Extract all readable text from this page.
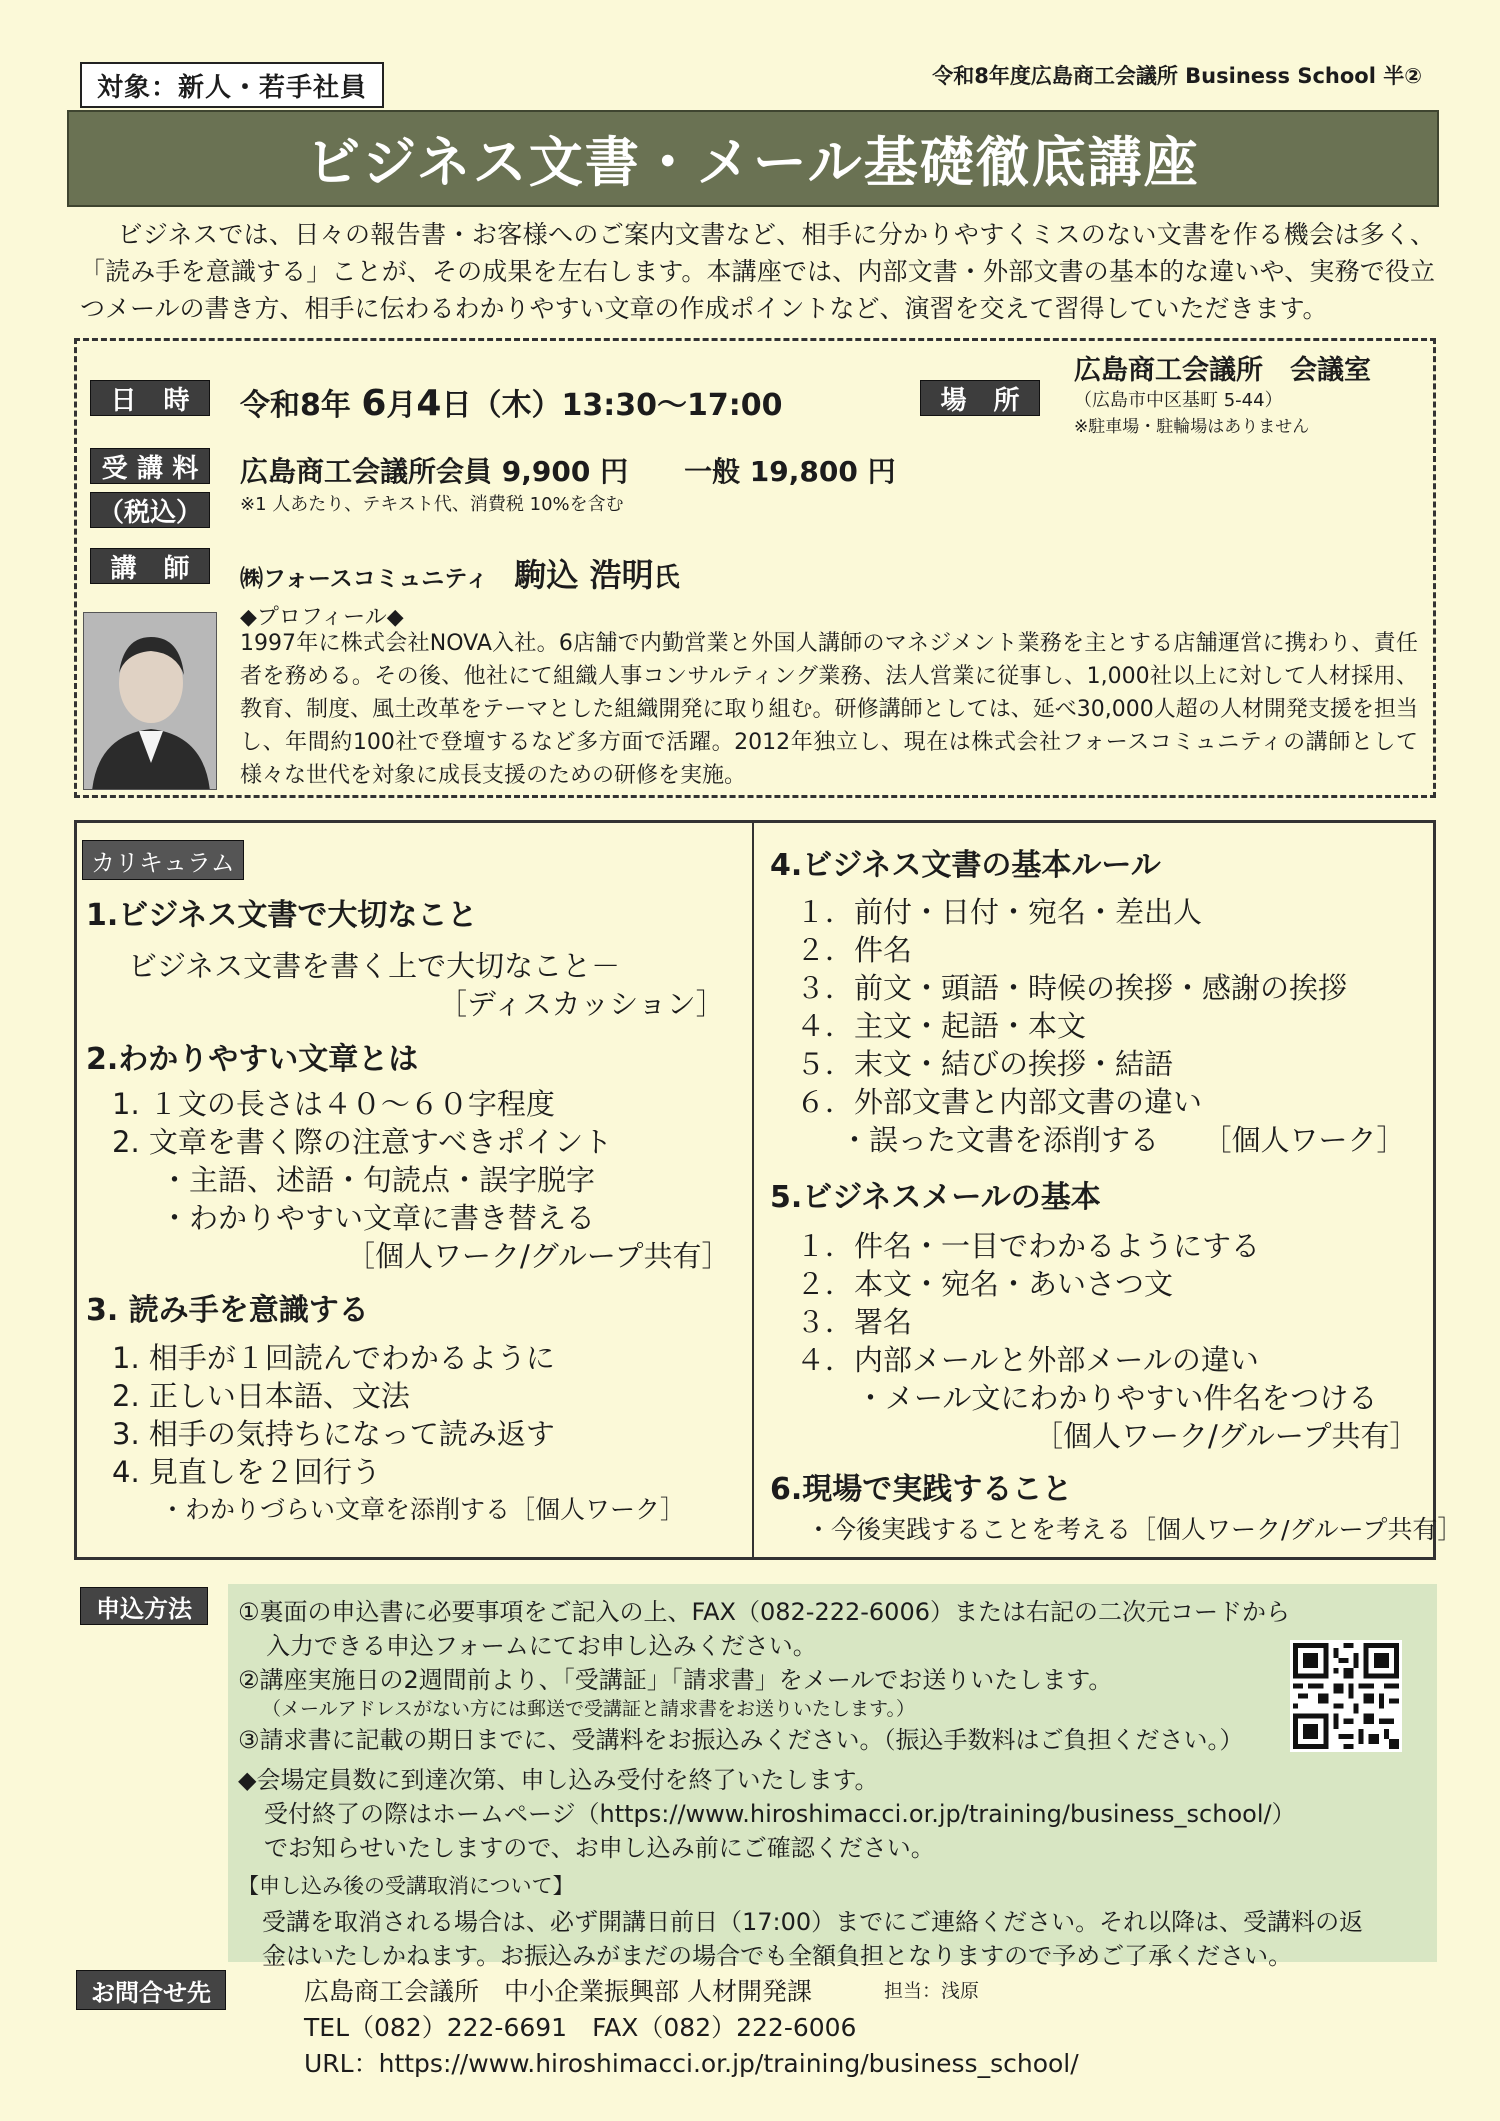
対象：新人・若手社員	令和8年度広島商工会議所 Business School 半②
ビジネス文書・メール基礎徹底講座
ビジネスでは、日々の報告書・お客様へのご案内文書など、相手に分かりやすくミスのない文書を作る機会は多く、「読み手を意識する」ことが、その成果を左右します。本講座では、内部文書・外部文書の基本的な違いや、実務で役立つメールの書き方、相手に伝わるわかりやすい文章の作成ポイントなど、演習を交えて習得していただきます。
日 時 令和8年 6月4日（木）13:30～17:00	場 所
広島商工会議所　会議室
（広島市中区基町 5-44）
※駐車場・駐輪場はありません
受 講 料
（税込）
広島商工会議所会員 9,900 円　　一般 19,800 円
※1 人あたり、テキスト代、消費税 10%を含む
講 師 ㈱フォースコミュニティ　 駒込 浩明氏
◆プロフィール◆
1997年に株式会社NOVA入社。6店舗で内勤営業と外国人講師のマネジメント業務を主とする店舗運営に携わり、責任者を務める。その後、他社にて組織人事コンサルティング業務、法人営業に従事し、1,000社以上に対して人材採用、教育、制度、風土改革をテーマとした組織開発に取り組む。研修講師としては、延べ30,000人超の人材開発支援を担当し、年間約100社で登壇するなど多方面で活躍。2012年独立し、現在は株式会社フォースコミュニティの講師として様々な世代を対象に成長支援のための研修を実施。
カリキュラム
1.ビジネス文書で大切なこと
ビジネス文書を書く上で大切なこと－
［ディスカッション］
2.わかりやすい文章とは
1. １文の長さは４０～６０字程度
2. 文章を書く際の注意すべきポイント
・主語、述語・句読点・誤字脱字
・わかりやすい文章に書き替える
［個人ワーク/グループ共有］
3. 読み手を意識する
1. 相手が１回読んでわかるように
2. 正しい日本語、文法
3. 相手の気持ちになって読み返す
4. 見直しを２回行う
・わかりづらい文章を添削する［個人ワーク］
4.ビジネス文書の基本ルール
１．前付・日付・宛名・差出人
２．件名
３．前文・頭語・時候の挨拶・感謝の挨拶
４．主文・起語・本文
５．末文・結びの挨拶・結語
６．外部文書と内部文書の違い
・誤った文書を添削する　　［個人ワーク］
5.ビジネスメールの基本
１．件名・一目でわかるようにする
２．本文・宛名・あいさつ文
３．署名
４．内部メールと外部メールの違い
・メール文にわかりやすい件名をつける
［個人ワーク/グループ共有］
6.現場で実践すること
・今後実践することを考える［個人ワーク/グループ共有］
申込方法	①裏面の申込書に必要事項をご記入の上、FAX（082-222-6006）または右記の二次元コードから
入力できる申込フォームにてお申し込みください。
②講座実施日の2週間前より、「受講証」「請求書」をメールでお送りいたします。
（メールアドレスがない方には郵送で受講証と請求書をお送りいたします。）
③請求書に記載の期日までに、受講料をお振込みください。（振込手数料はご負担ください。）
◆会場定員数に到達次第、申し込み受付を終了いたします。
受付終了の際はホームページ（https://www.hiroshimacci.or.jp/training/business_school/）
でお知らせいたしますので、お申し込み前にご確認ください。
【申し込み後の受講取消について】
受講を取消される場合は、必ず開講日前日（17:00）までにご連絡ください。それ以降は、受講料の返
金はいたしかねます。お振込みがまだの場合でも全額負担となりますので予めご了承ください。
お問合せ先	広島商工会議所　中小企業振興部 人材開発課	担当：浅原
TEL（082）222-6691　FAX（082）222-6006
URL：https://www.hiroshimacci.or.jp/training/business_school/
